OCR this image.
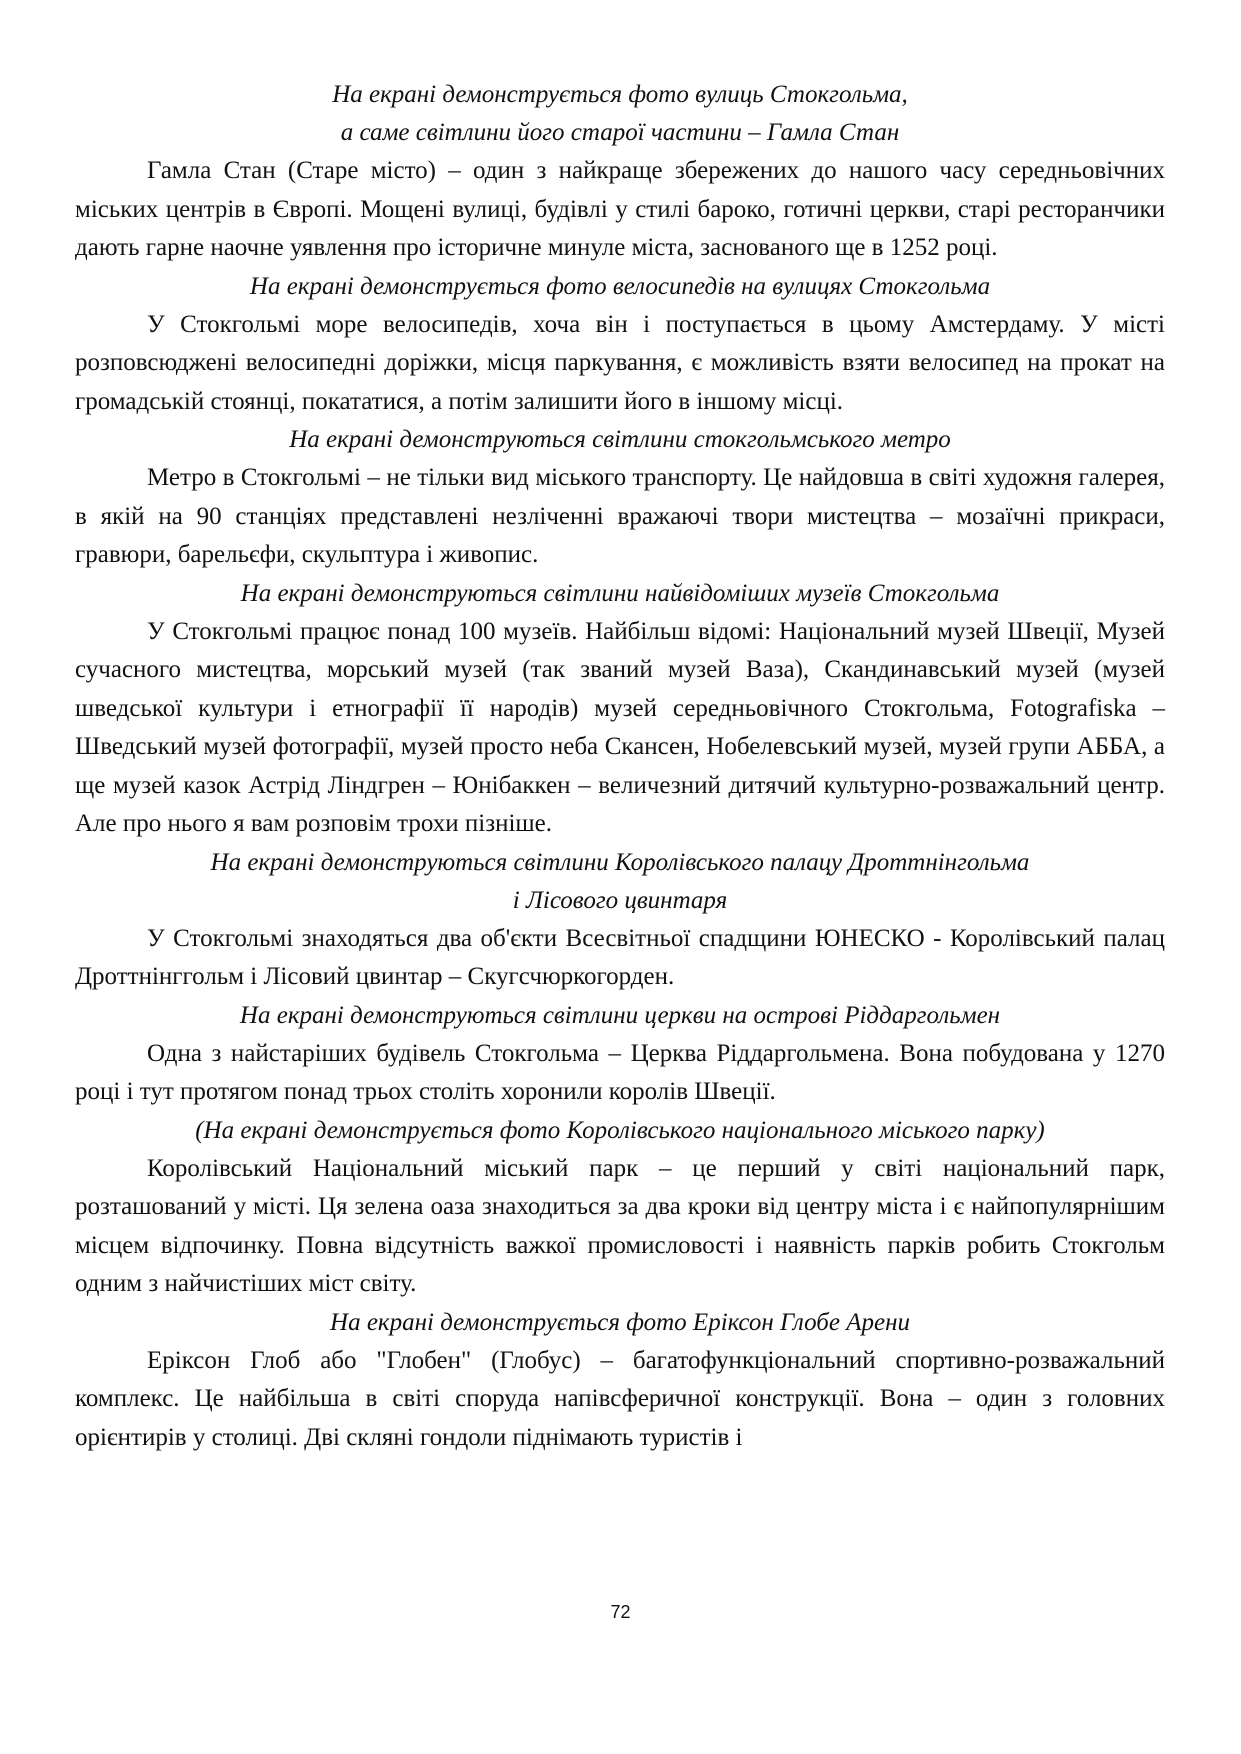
На екрані демонструється фото вулиць Стокгольма,

а саме світлини його старої частини – Гамла Стан

Гамла Стан (Старе місто) – один з найкраще збережених до нашого часу середньовічних міських центрів в Європі. Мощені вулиці, будівлі у стилі бароко, готичні церкви, старі ресторанчики дають гарне наочне уявлення про історичне минуле міста, заснованого ще в 1252 році.

На екрані демонструється фото велосипедів на вулицях Стокгольма

У Стокгольмі море велосипедів, хоча він і поступається в цьому Амстердаму. У місті розповсюджені велосипедні доріжки, місця паркування, є можливість взяти велосипед на прокат на громадській стоянці, покататися, а потім залишити його в іншому місці.

На екрані демонструються світлини стокгольмського метро

Метро в Стокгольмі – не тільки вид міського транспорту. Це найдовша в світі художня галерея, в якій на 90 станціях представлені незліченні вражаючі твори мистецтва – мозаїчні прикраси, гравюри, барельєфи, скульптура і живопис.

На екрані демонструються світлини найвідоміших музеїв Стокгольма

У Стокгольмі працює понад 100 музеїв. Найбільш відомі: Національний музей Швеції, Музей сучасного мистецтва, морський музей (так званий музей Ваза), Скандинавський музей (музей шведської культури і етнографії її народів) музей середньовічного Стокгольма, Fotografiska – Шведський музей фотографії, музей просто неба Скансен, Нобелевський музей, музей групи АББА, а ще музей казок Астрід Ліндгрен – Юнібаккен – величезний дитячий культурно-розважальний центр. Але про нього я вам розповім трохи пізніше.

На екрані демонструються світлини Королівського палацу Дроттнінгольма

і Лісового цвинтаря

У Стокгольмі знаходяться два об'єкти Всесвітньої спадщини ЮНЕСКО - Королівський палац Дроттнінггольм і Лісовий цвинтар – Скугсчюркогорден.

На екрані демонструються світлини церкви на острові Ріддаргольмен

Одна з найстаріших будівель Стокгольма – Церква Ріддаргольмена. Вона побудована у 1270 році і тут протягом понад трьох століть хоронили королів Швеції.

(На екрані демонструється фото Королівського національного міського парку)

Королівський Національний міський парк – це перший у світі національний парк, розташований у місті. Ця зелена оаза знаходиться за два кроки від центру міста і є найпопулярнішим місцем відпочинку. Повна відсутність важкої промисловості і наявність парків робить Стокгольм одним з найчистіших міст світу.

На екрані демонструється фото Еріксон Глобе Арени

Еріксон Глоб або "Глобен" (Глобус) – багатофункціональний спортивно-розважальний комплекс. Це найбільша в світі споруда напівсферичної конструкції. Вона – один з головних орієнтирів у столиці. Дві скляні гондоли піднімають туристів і

72
